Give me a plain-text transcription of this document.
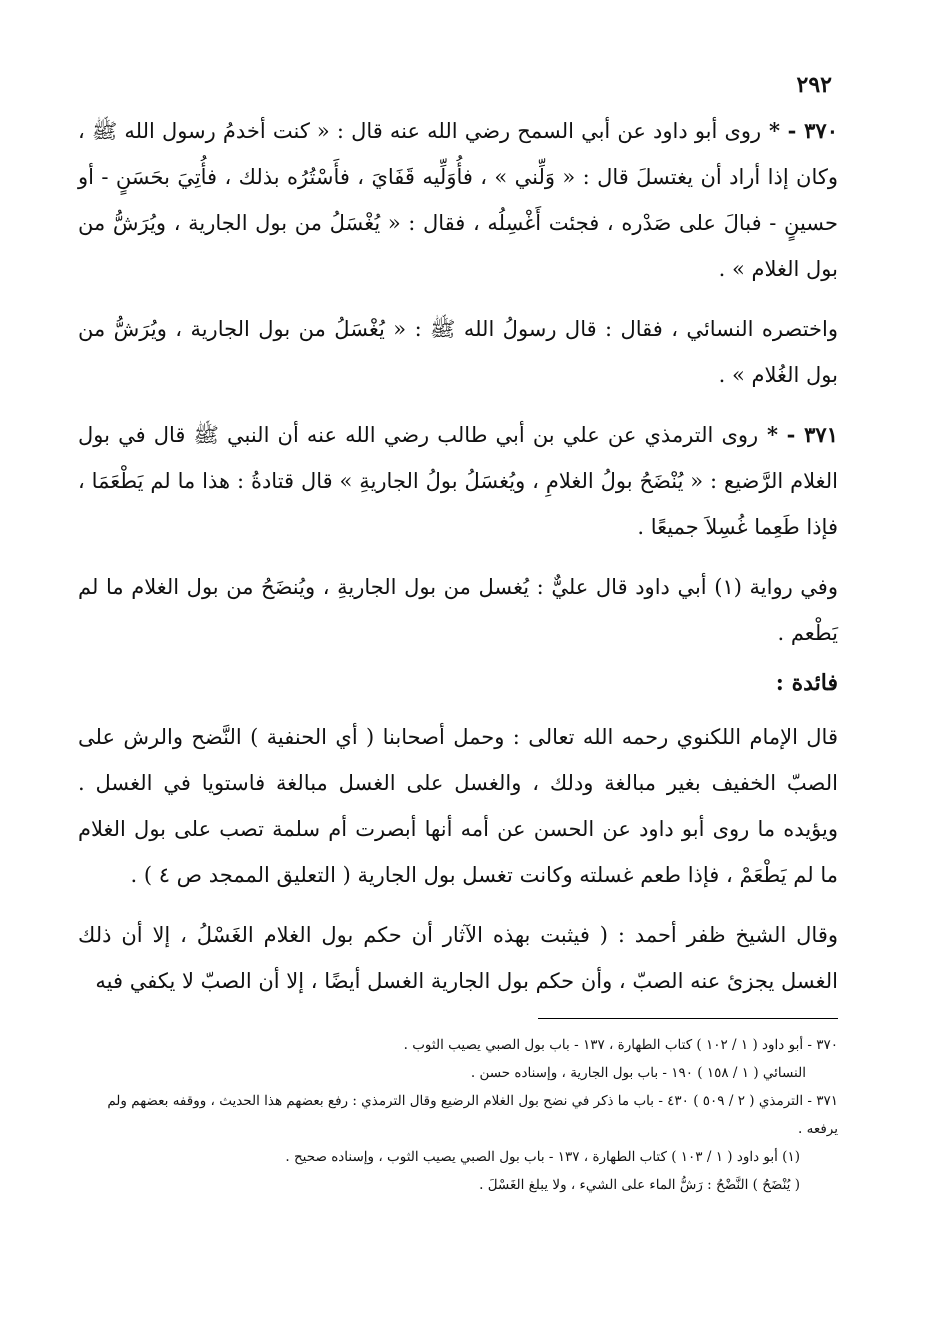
٢٩٢

٣٧٠ - * روى أبو داود عن أبي السمح رضي الله عنه قال : « كنت أخدمُ رسول الله ﷺ ، وكان إذا أراد أن يغتسلَ قال : « وَلِّني » ، فأُوَلِّيه قَفَايَ ، فأَسْتُرُه بذلك ، فأُتِيَ بحَسَنٍ - أو حسينٍ - فبالَ على صَدْره ، فجئت أَغْسِلُه ، فقال : « يُغْسَلُ من بول الجارية ، ويُرَشُّ من بول الغلام » .

واختصره النسائي ، فقال : قال رسولُ الله ﷺ : « يُغْسَلُ من بول الجارية ، ويُرَشُّ من بول الغُلام » .

٣٧١ - * روى الترمذي عن علي بن أبي طالب رضي الله عنه أن النبي ﷺ قال في بول الغلام الرَّضيع : « يُنْضَحُ بولُ الغلامِ ، ويُغسَلُ بولُ الجاريةِ » قال قتادةُ : هذا ما لم يَطْعَمَا ، فإذا طَعِما غُسِلاَ جميعًا .

وفي رواية (١) أبي داود قال عليٌّ : يُغسل من بول الجاريةِ ، ويُنضَحُ من بول الغلام ما لم يَطْعم .

فائدة :

قال الإمام اللكنوي رحمه الله تعالى : وحمل أصحابنا ( أي الحنفية ) النَّضح والرش على الصبّ الخفيف بغير مبالغة ودلك ، والغسل على الغسل مبالغة فاستويا في الغسل . ويؤيده ما روى أبو داود عن الحسن عن أمه أنها أبصرت أم سلمة تصب على بول الغلام ما لم يَطْعَمْ ، فإذا طعم غسلته وكانت تغسل بول الجارية ( التعليق الممجد ص ٤ ) .

وقال الشيخ ظفر أحمد : ( فيثبت بهذه الآثار أن حكم بول الغلام الغَسْلُ ، إلا أن ذلك الغسل يجزئ عنه الصبّ ، وأن حكم بول الجارية الغسل أيضًا ، إلا أن الصبّ لا يكفي فيه

٣٧٠ - أبو داود ( ١ / ١٠٢ ) كتاب الطهارة ، ١٣٧ - باب بول الصبي يصيب الثوب .

النسائي ( ١ / ١٥٨ ) ١٩٠ - باب بول الجارية ، وإسناده حسن .

٣٧١ - الترمذي ( ٢ / ٥٠٩ ) ٤٣٠ - باب ما ذكر في نضح بول الغلام الرضيع وقال الترمذي : رفع بعضهم هذا الحديث ، ووقفه بعضهم ولم يرفعه .

(١) أبو داود ( ١ / ١٠٣ ) كتاب الطهارة ، ١٣٧ - باب بول الصبي يصيب الثوب ، وإسناده صحيح .

( يُنْضَحُ ) النَّضْحُ : رَشُّ الماء على الشيء ، ولا يبلغ الغَسْلَ .
